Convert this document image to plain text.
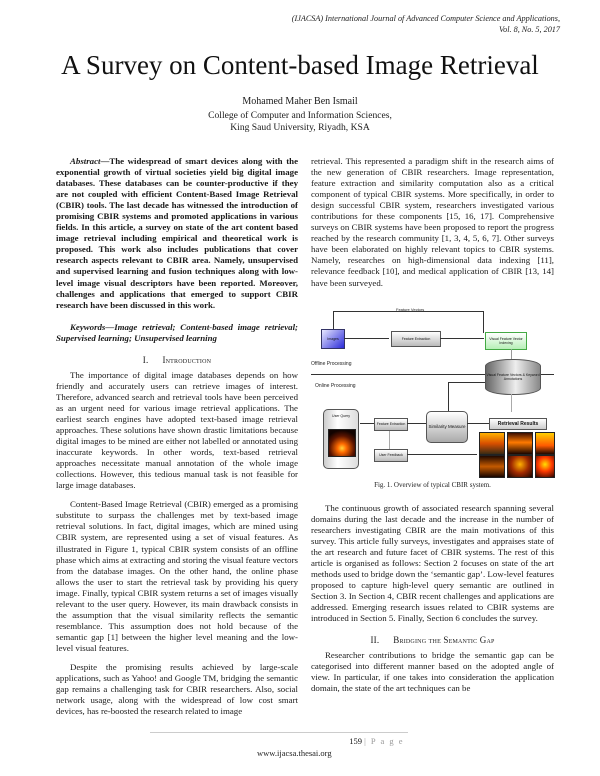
(IJACSA) International Journal of Advanced Computer Science and Applications,
Vol. 8, No. 5, 2017
A Survey on Content-based Image Retrieval
Mohamed Maher Ben Ismail
College of Computer and Information Sciences,
King Saud University, Riyadh, KSA

Abstract—The widespread of smart devices along with the exponential growth of virtual societies yield big digital image databases. These databases can be counter-productive if they are not coupled with efficient Content-Based Image Retrieval (CBIR) tools. The last decade has witnessed the introduction of promising CBIR systems and promoted applications in various fields. In this article, a survey on state of the art content based image retrieval including empirical and theoretical work is proposed. This work also includes publications that cover research aspects relevant to CBIR area. Namely, unsupervised and supervised learning and fusion techniques along with low-level image visual descriptors have been reported. Moreover, challenges and applications that emerged to support CBIR research have been discussed in this work.

Keywords—Image retrieval; Content-based image retrieval; Supervised learning; Unsupervised learning

I. Introduction

The importance of digital image databases depends on how friendly and accurately users can retrieve images of interest. Therefore, advanced search and retrieval tools have been perceived as an urgent need for various image retrieval applications. The earliest search engines have adopted text-based image retrieval approaches. These solutions have shown drastic limitations because digital images to be mined are either not labelled or annotated using inaccurate keywords. In other words, text-based retrieval approaches necessitate manual annotation of the whole image collections. However, this tedious manual task is not feasible for large image databases.

Content-Based Image Retrieval (CBIR) emerged as a promising substitute to surpass the challenges met by text-based image retrieval solutions. In fact, digital images, which are mined using CBIR system, are represented using a set of visual features. As illustrated in Figure 1, typical CBIR system consists of an offline phase which aims at extracting and storing the visual feature vectors from the database images. On the other hand, the online phase allows the user to start the retrieval task by providing his query image. Finally, typical CBIR system returns a set of images visually relevant to the user query. However, its main drawback consists in the assumption that the visual similarity reflects the semantic resemblance. This assumption does not hold because of the semantic gap [1] between the higher level meaning and the low-level visual features.

Despite the promising results achieved by large-scale applications, such as Yahoo! and Google TM, bridging the semantic gap remains a challenging task for CBIR researchers. Also, social network usage, along with the widespread of low cost smart devices, has re-boosted the research related to image

retrieval. This represented a paradigm shift in the research aims of the new generation of CBIR researchers. Image representation, feature extraction and similarity computation also as a critical component of typical CBIR systems. More specifically, in order to design successful CBIR system, researchers investigated various contributions for these components [15, 16, 17]. Comprehensive surveys on CBIR systems have been proposed to report the progress reached by the research community [1, 3, 4, 5, 6, 7]. Other surveys have been elaborated on highly relevant topics to CBIR systems. Namely, researches on high-dimensional data indexing [11], relevance feedback [10], and medical application of CBIR [13, 14] have been surveyed.

Feature Vectors
Images	Feature Extraction	Visual Feature Vector Indexing
Offline Processing
Online Processing
Visual Feature Vectors & Keyword Annotations
User Query
Feature Extraction	Similarity Measure	Retrieval Results
User Feedback

Fig. 1. Overview of typical CBIR system.

The continuous growth of associated research spanning several domains during the last decade and the increase in the number of researchers investigating CBIR are the main motivations of this survey. This article fully surveys, investigates and appraises state of the art research and future facet of CBIR systems. The rest of this article is organised as follows: Section 2 focuses on state of the art methods used to bridge down the ‘semantic gap’. Low-level features proposed to capture high-level query semantic are outlined in Section 3. In Section 4, CBIR recent challenges and applications are addressed. Emerging research issues related to CBIR systems are introduced in Section 5. Finally, Section 6 concludes the survey.

II. Bridging the Semantic Gap

Researcher contributions to bridge the semantic gap can be categorised into different manner based on the adopted angle of view. In particular, if one takes into consideration the application domain, the state of the art techniques can be

159 | P a g e
www.ijacsa.thesai.org
